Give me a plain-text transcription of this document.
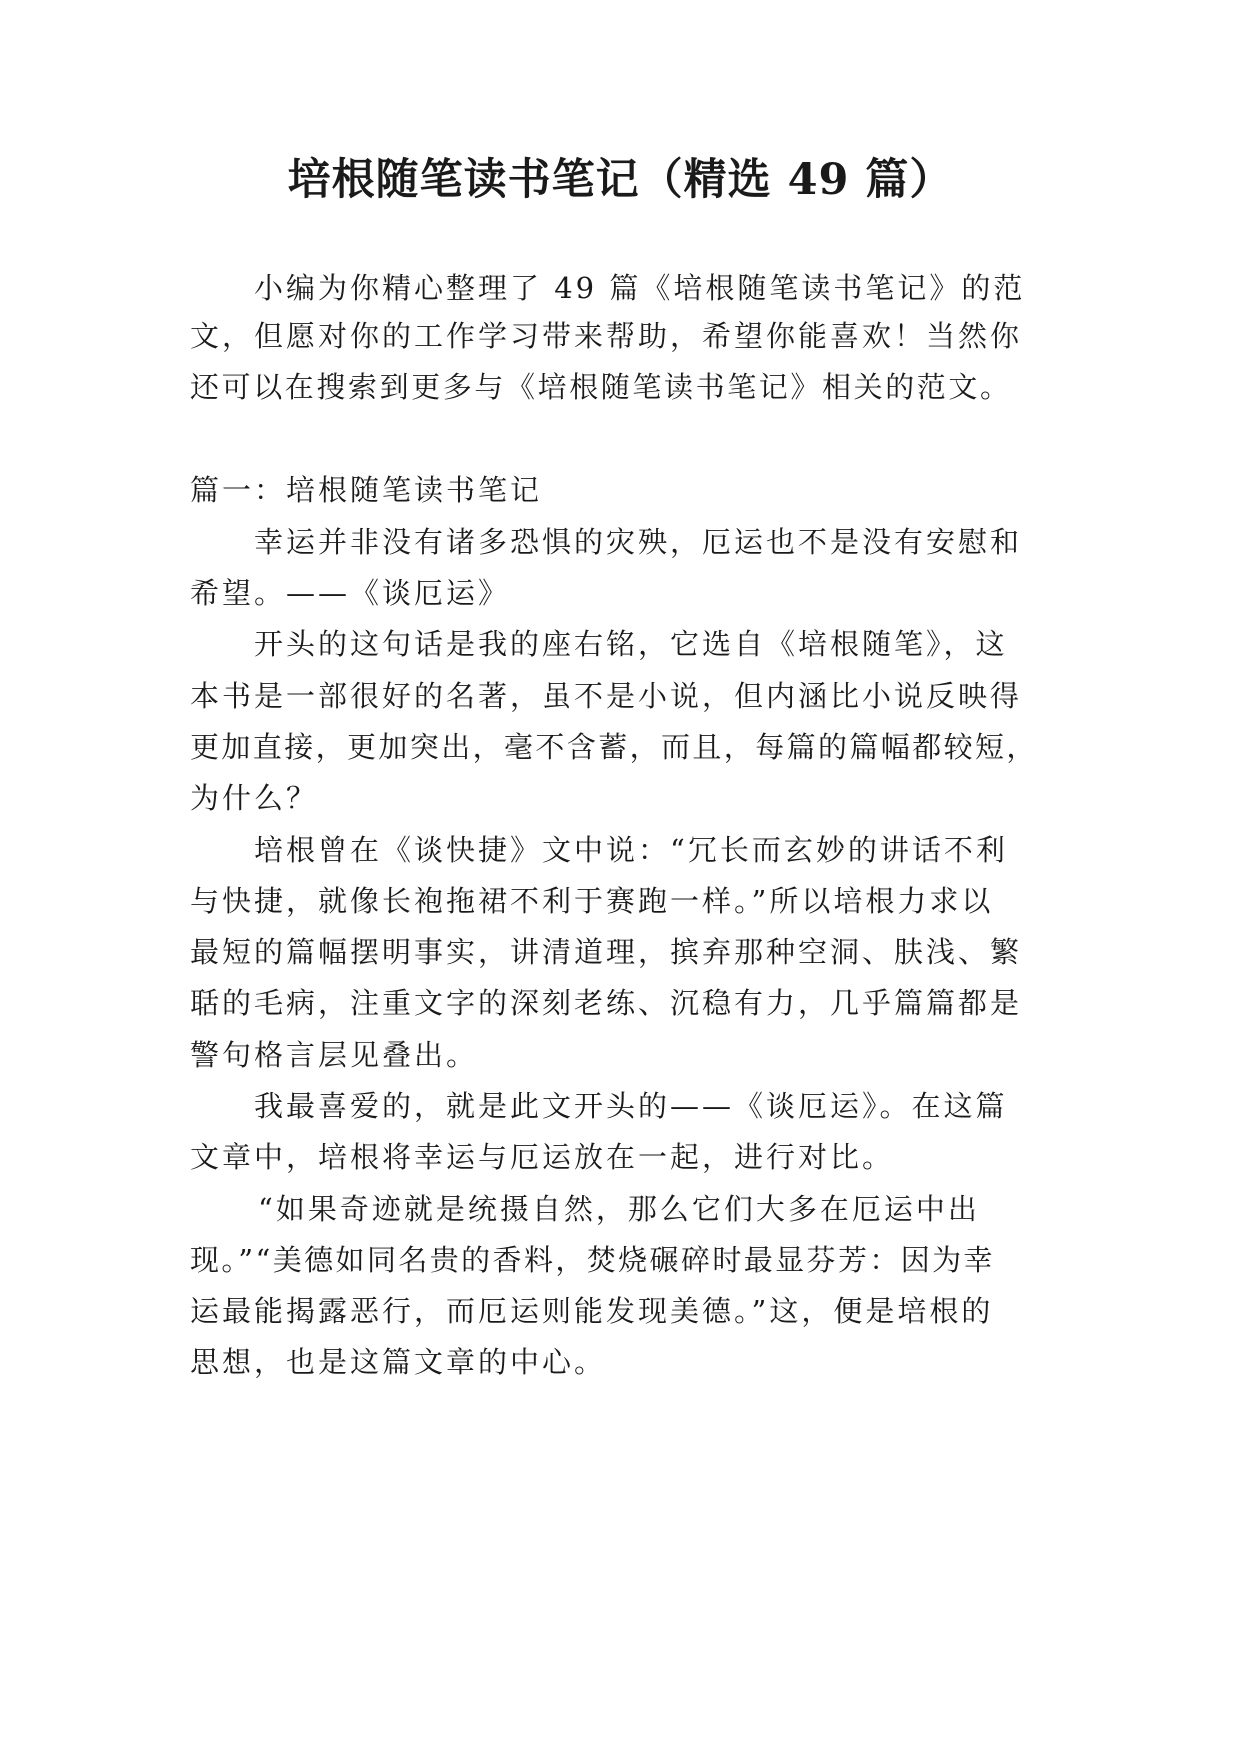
培根随笔读书笔记（精选 49 篇）
小编为你精心整理了 49 篇《培根随笔读书笔记》的范
文，但愿对你的工作学习带来帮助，希望你能喜欢！当然你
还可以在搜索到更多与《培根随笔读书笔记》相关的范文。
篇一：培根随笔读书笔记
幸运并非没有诸多恐惧的灾殃，厄运也不是没有安慰和
希望。——《谈厄运》
开头的这句话是我的座右铭，它选自《培根随笔》，这
本书是一部很好的名著，虽不是小说，但内涵比小说反映得
更加直接，更加突出，毫不含蓄，而且，每篇的篇幅都较短，
为什么？
培根曾在《谈快捷》文中说：“冗长而玄妙的讲话不利
与快捷，就像长袍拖裙不利于赛跑一样。”所以培根力求以
最短的篇幅摆明事实，讲清道理，摈弃那种空洞、肤浅、繁
聒的毛病，注重文字的深刻老练、沉稳有力，几乎篇篇都是
警句格言层见叠出。
我最喜爱的，就是此文开头的——《谈厄运》。在这篇
文章中，培根将幸运与厄运放在一起，进行对比。
“如果奇迹就是统摄自然，那么它们大多在厄运中出
现。”“美德如同名贵的香料，焚烧碾碎时最显芬芳：因为幸
运最能揭露恶行，而厄运则能发现美德。”这，便是培根的
思想，也是这篇文章的中心。
